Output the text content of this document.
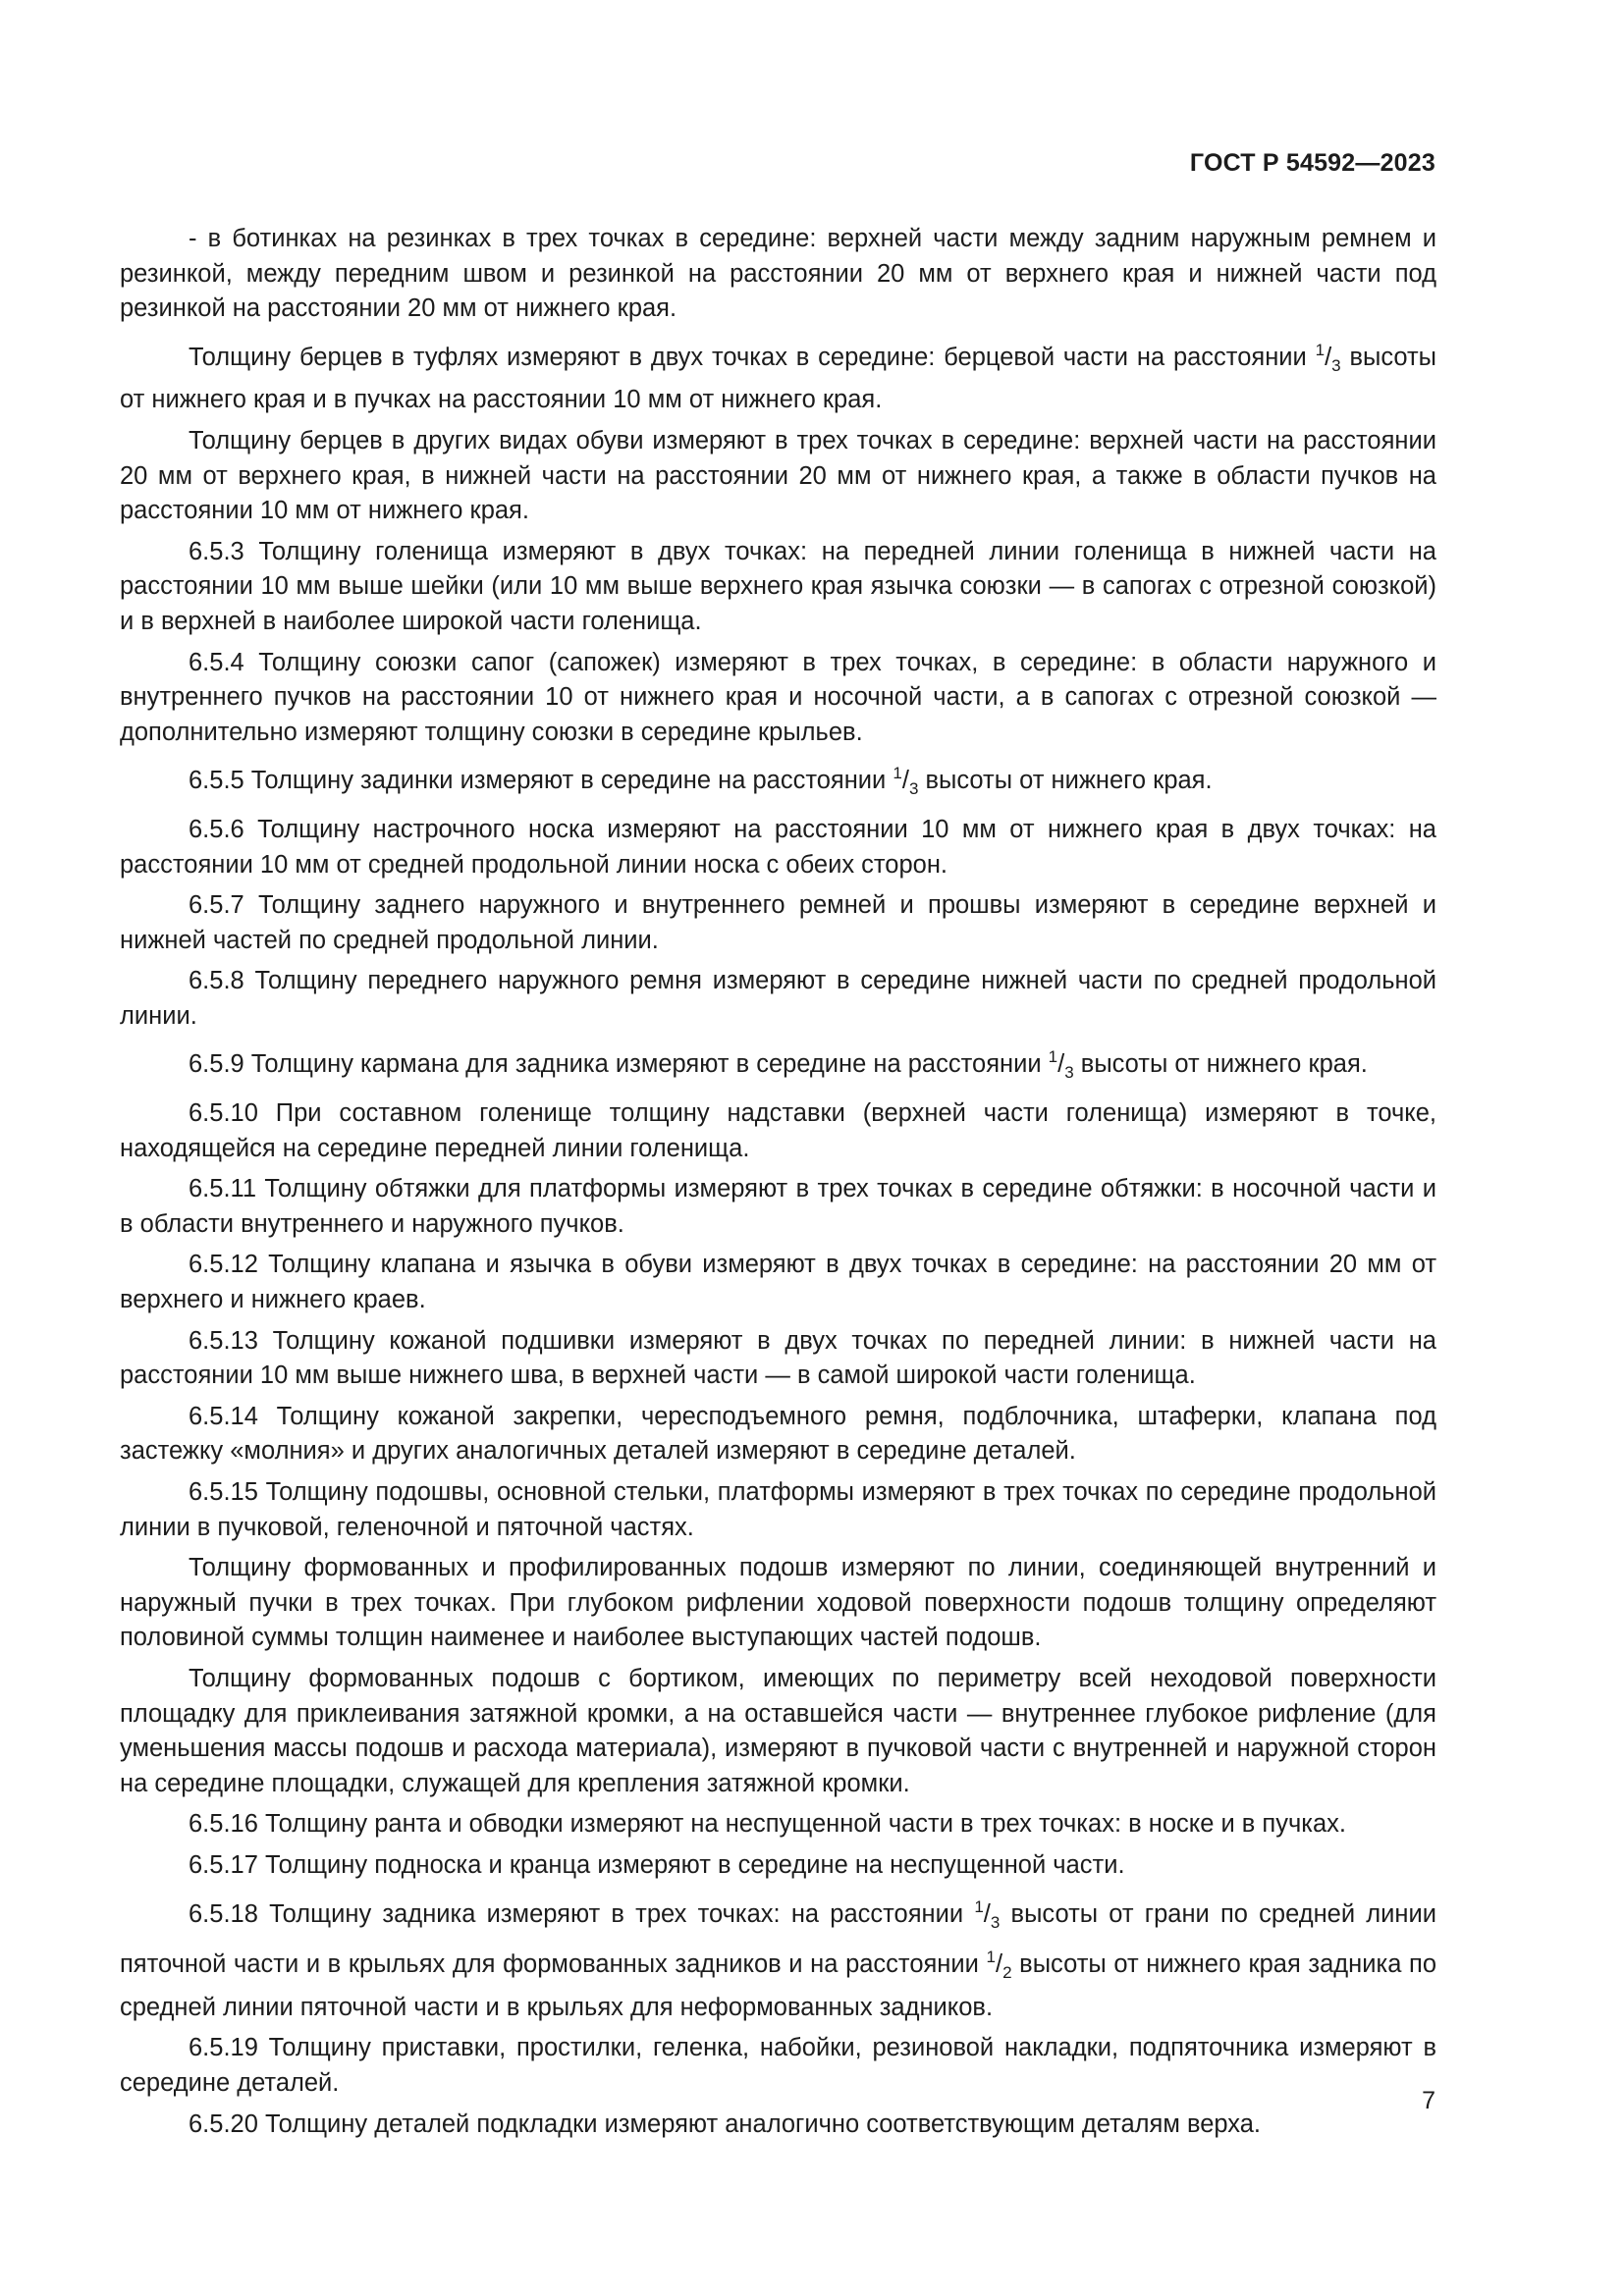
ГОСТ Р 54592—2023

- в ботинках на резинках в трех точках в середине: верхней части между задним наружным ремнем и резинкой, между передним швом и резинкой на расстоянии 20 мм от верхнего края и нижней части под резинкой на расстоянии 20 мм от нижнего края.

Толщину берцев в туфлях измеряют в двух точках в середине: берцевой части на расстоянии $^1/_3$ высоты от нижнего края и в пучках на расстоянии 10 мм от нижнего края.

Толщину берцев в других видах обуви измеряют в трех точках в середине: верхней части на расстоянии 20 мм от верхнего края, в нижней части на расстоянии 20 мм от нижнего края, а также в области пучков на расстоянии 10 мм от нижнего края.

6.5.3 Толщину голенища измеряют в двух точках: на передней линии голенища в нижней части на расстоянии 10 мм выше шейки (или 10 мм выше верхнего края язычка союзки — в сапогах с отрезной союзкой) и в верхней в наиболее широкой части голенища.

6.5.4 Толщину союзки сапог (сапожек) измеряют в трех точках, в середине: в области наружного и внутреннего пучков на расстоянии 10 от нижнего края и носочной части, а в сапогах с отрезной союзкой — дополнительно измеряют толщину союзки в середине крыльев.

6.5.5 Толщину задинки измеряют в середине на расстоянии $^1/_3$ высоты от нижнего края.

6.5.6 Толщину настрочного носка измеряют на расстоянии 10 мм от нижнего края в двух точках: на расстоянии 10 мм от средней продольной линии носка с обеих сторон.

6.5.7 Толщину заднего наружного и внутреннего ремней и прошвы измеряют в середине верхней и нижней частей по средней продольной линии.

6.5.8 Толщину переднего наружного ремня измеряют в середине нижней части по средней продольной линии.

6.5.9 Толщину кармана для задника измеряют в середине на расстоянии $^1/_3$ высоты от нижнего края.

6.5.10 При составном голенище толщину надставки (верхней части голенища) измеряют в точке, находящейся на середине передней линии голенища.

6.5.11 Толщину обтяжки для платформы измеряют в трех точках в середине обтяжки: в носочной части и в области внутреннего и наружного пучков.

6.5.12 Толщину клапана и язычка в обуви измеряют в двух точках в середине: на расстоянии 20 мм от верхнего и нижнего краев.

6.5.13 Толщину кожаной подшивки измеряют в двух точках по передней линии: в нижней части на расстоянии 10 мм выше нижнего шва, в верхней части — в самой широкой части голенища.

6.5.14 Толщину кожаной закрепки, чересподъемного ремня, подблочника, штаферки, клапана под застежку «молния» и других аналогичных деталей измеряют в середине деталей.

6.5.15 Толщину подошвы, основной стельки, платформы измеряют в трех точках по середине продольной линии в пучковой, геленочной и пяточной частях.

Толщину формованных и профилированных подошв измеряют по линии, соединяющей внутренний и наружный пучки в трех точках. При глубоком рифлении ходовой поверхности подошв толщину определяют половиной суммы толщин наименее и наиболее выступающих частей подошв.

Толщину формованных подошв с бортиком, имеющих по периметру всей неходовой поверхности площадку для приклеивания затяжной кромки, а на оставшейся части — внутреннее глубокое рифление (для уменьшения массы подошв и расхода материала), измеряют в пучковой части с внутренней и наружной сторон на середине площадки, служащей для крепления затяжной кромки.

6.5.16 Толщину ранта и обводки измеряют на неспущенной части в трех точках: в носке и в пучках.

6.5.17 Толщину подноска и кранца измеряют в середине на неспущенной части.

6.5.18 Толщину задника измеряют в трех точках: на расстоянии $^1/_3$ высоты от грани по средней линии пяточной части и в крыльях для формованных задников и на расстоянии $^1/_2$ высоты от нижнего края задника по средней линии пяточной части и в крыльях для неформованных задников.

6.5.19 Толщину приставки, простилки, геленка, набойки, резиновой накладки, подпяточника измеряют в середине деталей.

6.5.20 Толщину деталей подкладки измеряют аналогично соответствующим деталям верха.

7
